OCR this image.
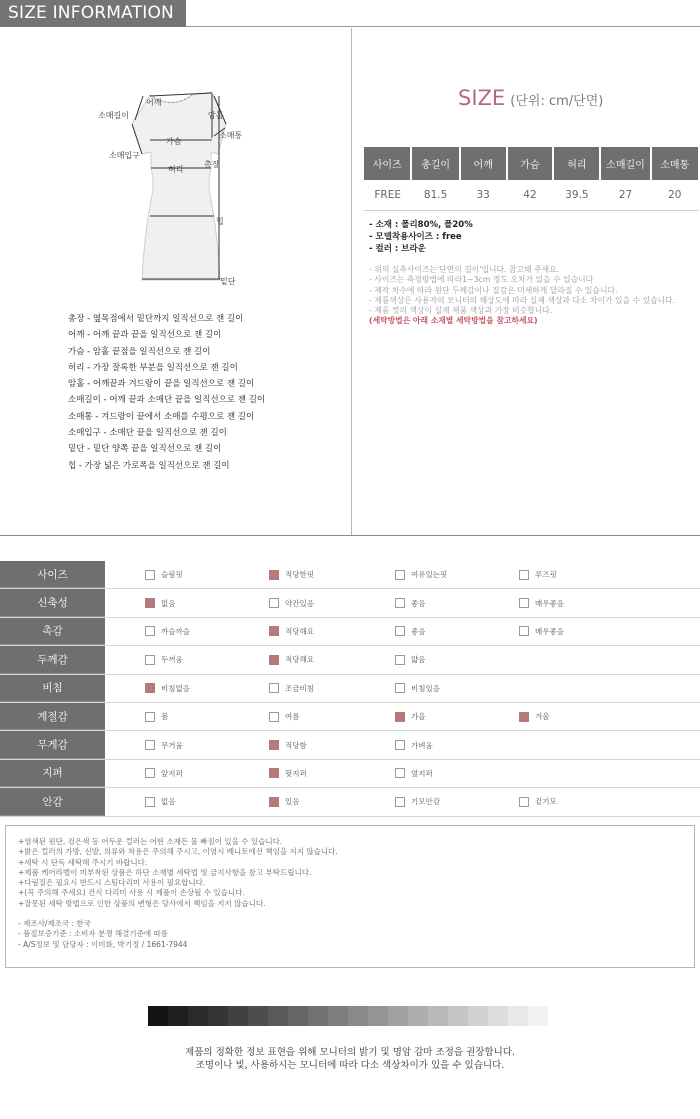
SIZE INFORMATION
소매길이
어깨
암홀
소매통
가슴
소매입구
허리
총장
힙
밑단
총장 - 옆목점에서 밑단까지 일직선으로 잰 길이
어깨 - 어깨 끝과 끝을 일직선으로 잰 길이
가슴 - 암홀 끝점을 일직선으로 잰 길이
허리 - 가장 잘록한 부분을 일직선으로 잰 길이
암홀 - 어깨끝과 겨드랑이 끝을 일직선으로 잰 길이
소매길이 - 어깨 끝과 소매단 끝을 일직선으로 잰 길이
소매통 - 겨드랑이 끝에서 소매를 수평으로 잰 길이
소매입구 - 소매단 끝을 일직선으로 잰 길이
밑단 - 밑단 양쪽 끝을 일직선으로 잰 길이
힙 - 가장 넓은 가로폭을 일직선으로 잰 길이
SIZE (단위: cm/단면)
사이즈	총길이	어깨	가슴	허리	소매길이	소매통
FREE	81.5	33	42	39.5	27	20
- 소재 : 폴리80%, 폴20%
- 모델착용사이즈 : free
- 컬러 : 브라운
- 위의 실측사이즈는'단면의 길이'입니다. 참고해 주세요.
- 사이즈는 측정방법에 따라1~3cm 정도 오차가 있을 수 있습니다
- 제작 차수에 따라 원단 두께감이나 질감은 미세하게 달라질 수 있습니다.
- 제품색상은 사용자의 모니터의 해상도에 따라 실제 색상과 다소 차이가 있을 수 있습니다.
- 제품 컷의 색상이 실제 제품 색상과 가장 비슷합니다.
(세탁방법은 아래 소재별 세탁방법을 참고하세요)
사이즈	슬림핏	적당한핏	여유있는핏	루즈핏
신축성	없음	약간있음	좋음	매우좋음
촉감	까슬까슬	적당해요	좋음	매우좋음
두께감	두꺼움	적당해요	얇음
비침	비침없음	조금비침	비침있음
계절감	봄	여름	가을	겨울
무게감	무거움	적당함	가벼움
지퍼	앞지퍼	뒷지퍼	옆지퍼
안감	없음	있음	기모안감	겉기모
+염색된 원단, 검은색 등 어두운 컬러는 어떤 소재든 물 빠짐이 있을 수 있습니다.
+밝은 컬러의 가방, 신발, 의류와 착용은 주의해 주시고, 이염시 베니토에선 책임을 지지 않습니다.
+세탁 시 단독 세탁해 주시기 바랍니다.
+제품 케어라벨이 미부착된 상품은 하단 소재별 세탁법 및 금지사항을 참고 부탁드립니다.
+다림질은 필요시 반드시 스팀다리미 사용이 필요합니다.
+(꼭 주의해 주세요) 건식 다리미 사용 시 제품이 손상될 수 있습니다.
+잘못된 세탁 방법으로 인한 상품의 변형은 당사에서 책임을 지지 않습니다.
- 제조사/제조국 : 한국
- 품질보증기준 : 소비자 분쟁 해결기준에 따름
- A/S정보 및 담당자 : 이미화, 박기정 / 1661-7944
제품의 정확한 정보 표현을 위해 모니터의 밝기 및 명암 감마 조정을 권장합니다.
조명이나 빛, 사용하시는 모니터에 따라 다소 색상차이가 있을 수 있습니다.
